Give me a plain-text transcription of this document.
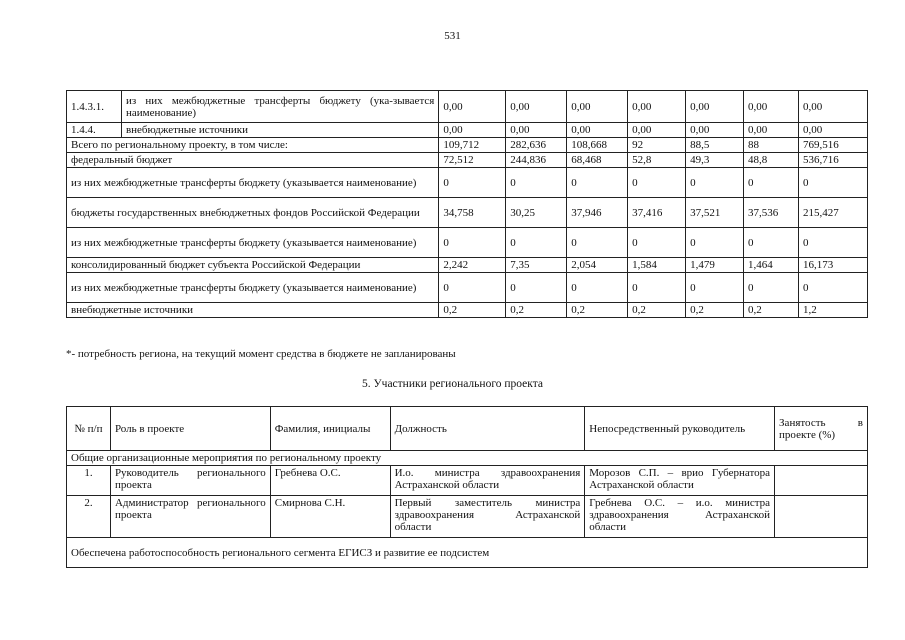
531
1.4.3.1.	из них межбюджетные трансферты бюджету (ука-зывается наименование)	0,00	0,00	0,00	0,00	0,00	0,00	0,00
1.4.4.	внебюджетные источники	0,00	0,00	0,00	0,00	0,00	0,00	0,00
Всего по региональному проекту, в том числе:		109,712	282,636	108,668	92	88,5	88	769,516
федеральный бюджет		72,512	244,836	68,468	52,8	49,3	48,8	536,716
из них межбюджетные трансферты бюджету (указывается наименование)		0	0	0	0	0	0	0
бюджеты государственных внебюджетных фондов Российской Федерации		34,758	30,25	37,946	37,416	37,521	37,536	215,427
из них межбюджетные трансферты бюджету (указывается наименование)		0	0	0	0	0	0	0
консолидированный бюджет субъекта Российской Федерации		2,242	7,35	2,054	1,584	1,479	1,464	16,173
из них межбюджетные трансферты бюджету (указывается наименование)		0	0	0	0	0	0	0
внебюджетные источники		0,2	0,2	0,2	0,2	0,2	0,2	1,2
*- потребность региона, на текущий момент средства в бюджете не запланированы
5. Участники регионального проекта
№ п/п	Роль в проекте	Фамилия, инициалы	Должность	Непосредственный руководитель	Занятость в проекте (%)
Общие организационные мероприятия по региональному проекту					
1.	Руководитель регионального проекта	Гребнева О.С.	И.о. министра здравоохранения Астраханской области	Морозов С.П. – врио Губернатора Астраханской области	
2.	Администратор регионального проекта	Смирнова С.Н.	Первый заместитель министра здравоохранения Астраханской области	Гребнева О.С. – и.о. министра здравоохранения Астраханской области	
Обеспечена работоспособность регионального сегмента ЕГИСЗ и развитие ее подсистем					
